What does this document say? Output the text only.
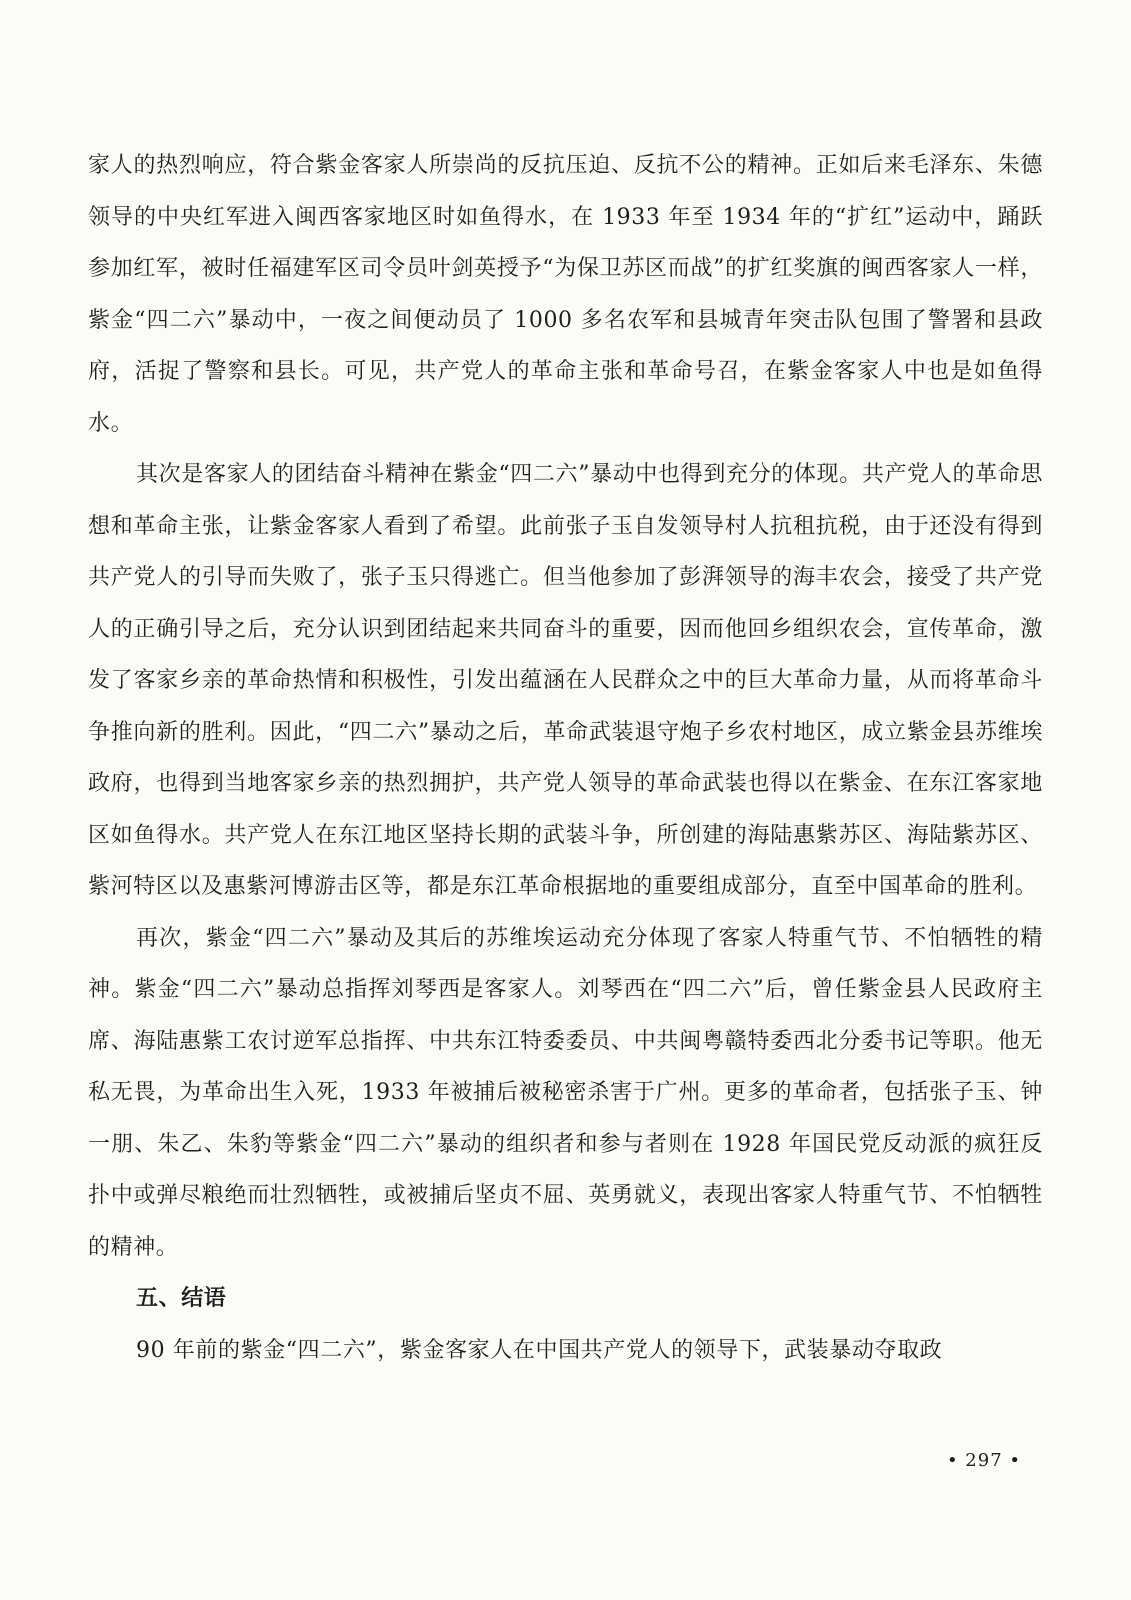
家人的热烈响应，符合紫金客家人所崇尚的反抗压迫、反抗不公的精神。正如后来毛泽东、朱德领导的中央红军进入闽西客家地区时如鱼得水，在 1933 年至 1934 年的“扩红”运动中，踊跃参加红军，被时任福建军区司令员叶剑英授予“为保卫苏区而战”的扩红奖旗的闽西客家人一样，紫金“四二六”暴动中，一夜之间便动员了 1000 多名农军和县城青年突击队包围了警署和县政府，活捉了警察和县长。可见，共产党人的革命主张和革命号召，在紫金客家人中也是如鱼得水。

其次是客家人的团结奋斗精神在紫金“四二六”暴动中也得到充分的体现。共产党人的革命思想和革命主张，让紫金客家人看到了希望。此前张子玉自发领导村人抗租抗税，由于还没有得到共产党人的引导而失败了，张子玉只得逃亡。但当他参加了彭湃领导的海丰农会，接受了共产党人的正确引导之后，充分认识到团结起来共同奋斗的重要，因而他回乡组织农会，宣传革命，激发了客家乡亲的革命热情和积极性，引发出蕴涵在人民群众之中的巨大革命力量，从而将革命斗争推向新的胜利。因此，“四二六”暴动之后，革命武装退守炮子乡农村地区，成立紫金县苏维埃政府，也得到当地客家乡亲的热烈拥护，共产党人领导的革命武装也得以在紫金、在东江客家地区如鱼得水。共产党人在东江地区坚持长期的武装斗争，所创建的海陆惠紫苏区、海陆紫苏区、紫河特区以及惠紫河博游击区等，都是东江革命根据地的重要组成部分，直至中国革命的胜利。

再次，紫金“四二六”暴动及其后的苏维埃运动充分体现了客家人特重气节、不怕牺牲的精神。紫金“四二六”暴动总指挥刘琴西是客家人。刘琴西在“四二六”后，曾任紫金县人民政府主席、海陆惠紫工农讨逆军总指挥、中共东江特委委员、中共闽粤赣特委西北分委书记等职。他无私无畏，为革命出生入死，1933 年被捕后被秘密杀害于广州。更多的革命者，包括张子玉、钟一朋、朱乙、朱豹等紫金“四二六”暴动的组织者和参与者则在 1928 年国民党反动派的疯狂反扑中或弹尽粮绝而壮烈牺牲，或被捕后坚贞不屈、英勇就义，表现出客家人特重气节、不怕牺牲的精神。

五、结语

90 年前的紫金“四二六”，紫金客家人在中国共产党人的领导下，武装暴动夺取政

• 297 •
